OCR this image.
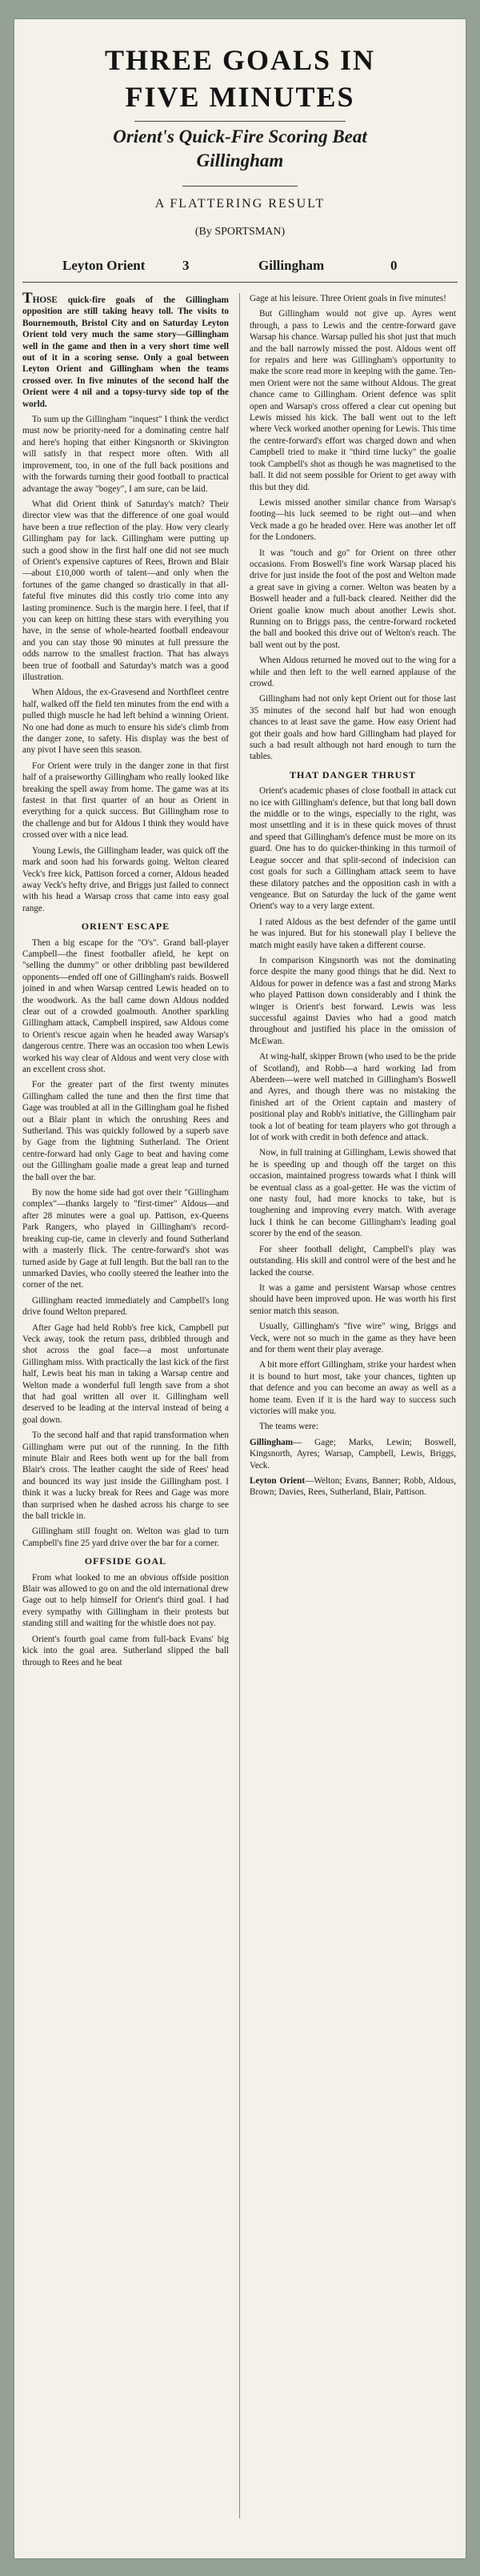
THREE GOALS IN
FIVE MINUTES
Orient's Quick-Fire Scoring Beat
Gillingham
A FLATTERING RESULT
(By SPORTSMAN)
Leyton Orient	3	Gillingham	0

THOSE quick-fire goals of the Gillingham opposition are still taking heavy toll. The visits to Bournemouth, Bristol City and on Saturday Leyton Orient told very much the same story—Gillingham well in the game and then in a very short time well out of it in a scoring sense. Only a goal between Leyton Orient and Gillingham when the teams crossed over. In five minutes of the second half the Orient were 4 nil and a topsy-turvy side top of the world.

To sum up the Gillingham "inquest" I think the verdict must now be priority-need for a dominating centre half and here's hoping that either Kingsnorth or Skivington will satisfy in that respect more often. With all improvement, too, in one of the full back positions and with the forwards turning their good football to practical advantage the away "bogey", I am sure, can be laid.

What did Orient think of Saturday's match? Their director view was that the difference of one goal would have been a true reflection of the play. How very clearly Gillingham pay for lack. Gillingham were putting up such a good show in the first half one did not see much of Orient's expensive captures of Rees, Brown and Blair—about £10,000 worth of talent—and only when the fortunes of the game changed so drastically in that all-fateful five minutes did this costly trio come into any lasting prominence. Such is the margin here. I feel, that if you can keep on hitting these stars with everything you have, in the sense of whole-hearted football endeavour and you can stay those 90 minutes at full pressure the odds narrow to the smallest fraction. That has always been true of football and Saturday's match was a good illustration.

When Aldous, the ex-Gravesend and Northfleet centre half, walked off the field ten minutes from the end with a pulled thigh muscle he had left behind a winning Orient. No one had done as much to ensure his side's climb from the danger zone, to safety. His display was the best of any pivot I have seen this season.

For Orient were truly in the danger zone in that first half of a praiseworthy Gillingham who really looked like breaking the spell away from home. The game was at its fastest in that first quarter of an hour as Orient in everything for a quick success. But Gillingham rose to the challenge and but for Aldous I think they would have crossed over with a nice lead.

Young Lewis, the Gillingham leader, was quick off the mark and soon had his forwards going. Welton cleared Veck's free kick, Pattison forced a corner, Aldous headed away Veck's hefty drive, and Briggs just failed to connect with his head a Warsap cross that came into easy goal range.

ORIENT ESCAPE

Then a big escape for the "O's". Grand ball-player Campbell—the finest footballer afield, he kept on "selling the dummy" or other dribbling past bewildered opponents—ended off one of Gillingham's raids. Boswell joined in and when Warsap centred Lewis headed on to the woodwork. As the ball came down Aldous nodded clear out of a crowded goalmouth. Another sparkling Gillingham attack, Campbell inspired, saw Aldous come to Orient's rescue again when he headed away Warsap's dangerous centre. There was an occasion too when Lewis worked his way clear of Aldous and went very close with an excellent cross shot.

For the greater part of the first twenty minutes Gillingham called the tune and then the first time that Gage was troubled at all in the Gillingham goal he fished out a Blair plant in which the onrushing Rees and Sutherland. This was quickly followed by a superb save by Gage from the lightning Sutherland. The Orient centre-forward had only Gage to beat and having come out the Gillingham goalie made a great leap and turned the ball over the bar.

By now the home side had got over their "Gillingham complex"—thanks largely to "first-timer" Aldous—and after 28 minutes were a goal up. Pattison, ex-Queens Park Rangers, who played in Gillingham's record-breaking cup-tie, came in cleverly and found Sutherland with a masterly flick. The centre-forward's shot was turned aside by Gage at full length. But the ball ran to the unmarked Davies, who coolly steered the leather into the corner of the net.

Gillingham reacted immediately and Campbell's long drive found Welton prepared.

After Gage had held Robb's free kick, Campbell put Veck away, took the return pass, dribbled through and shot across the goal face—a most unfortunate Gillingham miss. With practically the last kick of the first half, Lewis beat his man in taking a Warsap centre and Welton made a wonderful full length save from a shot that had goal written all over it. Gillingham well deserved to be leading at the interval instead of being a goal down.

To the second half and that rapid transformation when Gillingham were put out of the running. In the fifth minute Blair and Rees both went up for the ball from Blair's cross. The leather caught the side of Rees' head and bounced its way just inside the Gillingham post. I think it was a lucky break for Rees and Gage was more than surprised when he dashed across his charge to see the ball trickle in.

Gillingham still fought on. Welton was glad to turn Campbell's fine 25 yard drive over the bar for a corner.

OFFSIDE GOAL

From what looked to me an obvious offside position Blair was allowed to go on and the old international drew Gage out to help himself for Orient's third goal. I had every sympathy with Gillingham in their protests but standing still and waiting for the whistle does not pay.

Orient's fourth goal came from full-back Evans' big kick into the goal area. Sutherland slipped the ball through to Rees and he beat

Gage at his leisure. Three Orient goals in five minutes!

But Gillingham would not give up. Ayres went through, a pass to Lewis and the centre-forward gave Warsap his chance. Warsap pulled his shot just that much and the ball narrowly missed the post. Aldous went off for repairs and here was Gillingham's opportunity to make the score read more in keeping with the game. Ten-men Orient were not the same without Aldous. The great chance came to Gillingham. Orient defence was split open and Warsap's cross offered a clear cut opening but Lewis missed his kick. The ball went out to the left where Veck worked another opening for Lewis. This time the centre-forward's effort was charged down and when Campbell tried to make it "third time lucky" the goalie took Campbell's shot as though he was magnetised to the ball. It did not seem possible for Orient to get away with this but they did.

Lewis missed another similar chance from Warsap's footing—his luck seemed to be right out—and when Veck made a go he headed over. Here was another let off for the Londoners.

It was "touch and go" for Orient on three other occasions. From Boswell's fine work Warsap placed his drive for just inside the foot of the post and Welton made a great save in giving a corner. Welton was beaten by a Boswell header and a full-back cleared. Neither did the Orient goalie know much about another Lewis shot. Running on to Briggs pass, the centre-forward rocketed the ball and booked this drive out of Welton's reach. The ball went out by the post.

When Aldous returned he moved out to the wing for a while and then left to the well earned applause of the crowd.

Gillingham had not only kept Orient out for those last 35 minutes of the second half but had won enough chances to at least save the game. How easy Orient had got their goals and how hard Gillingham had played for such a bad result although not hard enough to turn the tables.

THAT DANGER THRUST

Orient's academic phases of close football in attack cut no ice with Gillingham's defence, but that long ball down the middle or to the wings, especially to the right, was most unsettling and it is in these quick moves of thrust and speed that Gillingham's defence must be more on its guard. One has to do quicker-thinking in this turmoil of League soccer and that split-second of indecision can cost goals for such a Gillingham attack seem to have these dilatory patches and the opposition cash in with a vengeance. But on Saturday the luck of the game went Orient's way to a very large extent.

I rated Aldous as the best defender of the game until he was injured. But for his stonewall play I believe the match might easily have taken a different course.

In comparison Kingsnorth was not the dominating force despite the many good things that he did. Next to Aldous for power in defence was a fast and strong Marks who played Pattison down considerably and I think the winger is Orient's best forward. Lewis was less successful against Davies who had a good match throughout and justified his place in the omission of McEwan.

At wing-half, skipper Brown (who used to be the pride of Scotland), and Robb—a hard working lad from Aberdeen—were well matched in Gillingham's Boswell and Ayres, and though there was no mistaking the finished art of the Orient captain and mastery of positional play and Robb's initiative, the Gillingham pair took a lot of beating for team players who got through a lot of work with credit in both defence and attack.

Now, in full training at Gillingham, Lewis showed that he is speeding up and though off the target on this occasion, maintained progress towards what I think will be eventual class as a goal-getter. He was the victim of one nasty foul, had more knocks to take, but is toughening and improving every match. With average luck I think he can become Gillingham's leading goal scorer by the end of the season.

For sheer football delight, Campbell's play was outstanding. His skill and control were of the best and he lacked the course.

It was a game and persistent Warsap whose centres should have been improved upon. He was worth his first senior match this season.

Usually, Gillingham's "five wire" wing, Briggs and Veck, were not so much in the game as they have been and for them went their play average.

A bit more effort Gillingham, strike your hardest when it is bound to hurt most, take your chances, tighten up that defence and you can become an away as well as a home team. Even if it is the hard way to success such victories will make you.

The teams were:

Gillingham— Gage; Marks, Lewin; Boswell, Kingsnorth, Ayres; Warsap, Campbell, Lewis, Briggs, Veck.

Leyton Orient—Welton; Evans, Banner; Robb, Aldous, Brown; Davies, Rees, Sutherland, Blair, Pattison.
